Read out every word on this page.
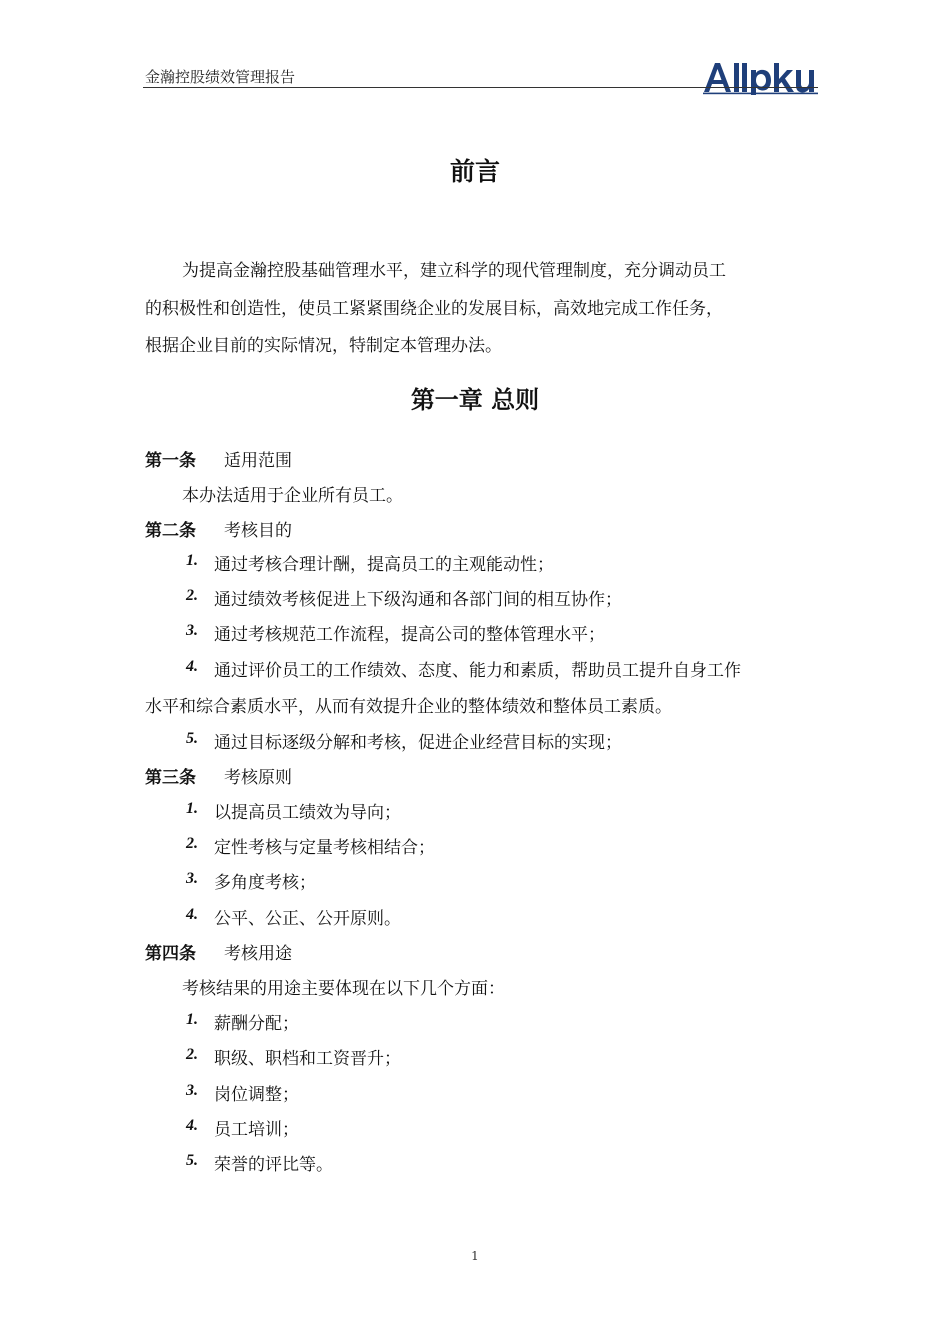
金瀚控股绩效管理报告
前言
为提高金瀚控股基础管理水平，建立科学的现代管理制度，充分调动员工
的积极性和创造性，使员工紧紧围绕企业的发展目标，高效地完成工作任务，
根据企业目前的实际情况，特制定本管理办法。
第一章 总则
第一条 适用范围
本办法适用于企业所有员工。
第二条 考核目的
1. 通过考核合理计酬，提高员工的主观能动性；
2. 通过绩效考核促进上下级沟通和各部门间的相互协作；
3. 通过考核规范工作流程，提高公司的整体管理水平；
4. 通过评价员工的工作绩效、态度、能力和素质，帮助员工提升自身工作
水平和综合素质水平，从而有效提升企业的整体绩效和整体员工素质。
5. 通过目标逐级分解和考核，促进企业经营目标的实现；
第三条 考核原则
1. 以提高员工绩效为导向；
2. 定性考核与定量考核相结合；
3. 多角度考核；
4. 公平、公正、公开原则。
第四条 考核用途
考核结果的用途主要体现在以下几个方面：
1. 薪酬分配；
2. 职级、职档和工资晋升；
3. 岗位调整；
4. 员工培训；
5. 荣誉的评比等。
1
